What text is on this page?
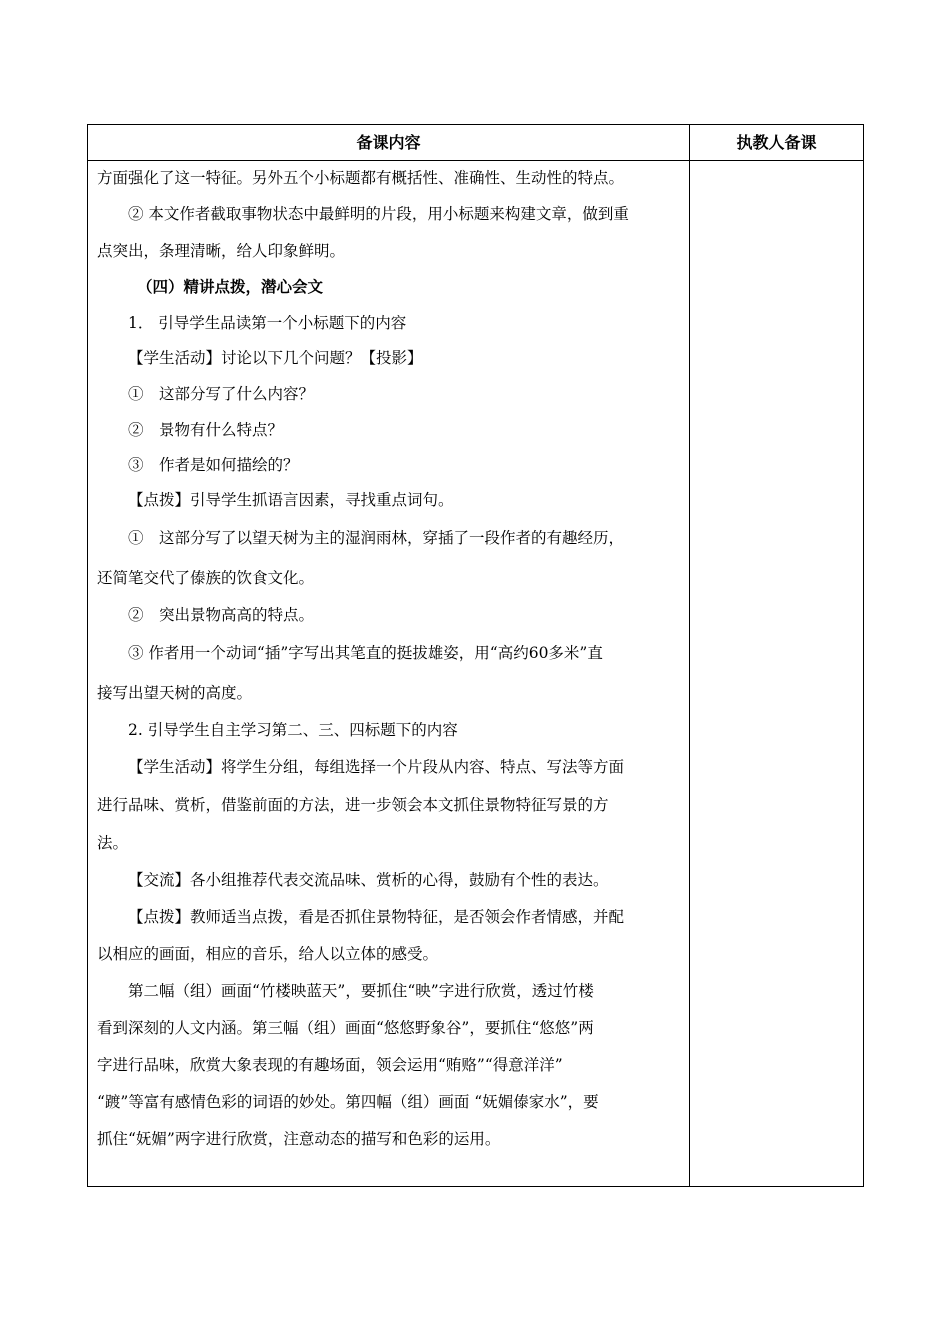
备课内容	执教人备课

方面强化了这一特征。另外五个小标题都有概括性、准确性、生动性的特点。

② 本文作者截取事物状态中最鲜明的片段，用小标题来构建文章，做到重

点突出，条理清晰，给人印象鲜明。

（四）精讲点拨，潜心会文

1． 引导学生品读第一个小标题下的内容

【学生活动】讨论以下几个问题？【投影】

①　这部分写了什么内容？

②　景物有什么特点？

③　作者是如何描绘的？

【点拨】引导学生抓语言因素，寻找重点词句。

①　这部分写了以望天树为主的湿润雨林，穿插了一段作者的有趣经历，

还简笔交代了傣族的饮食文化。

②　突出景物高高的特点。

③ 作者用一个动词“插”字写出其笔直的挺拔雄姿，用“高约60多米”直

接写出望天树的高度。

2. 引导学生自主学习第二、三、四标题下的内容

【学生活动】将学生分组，每组选择一个片段从内容、特点、写法等方面

进行品味、赏析，借鉴前面的方法，进一步领会本文抓住景物特征写景的方

法。

【交流】各小组推荐代表交流品味、赏析的心得，鼓励有个性的表达。

【点拨】教师适当点拨，看是否抓住景物特征，是否领会作者情感，并配

以相应的画面，相应的音乐，给人以立体的感受。

第二幅（组）画面“竹楼映蓝天”，要抓住“映”字进行欣赏，透过竹楼

看到深刻的人文内涵。第三幅（组）画面“悠悠野象谷”，要抓住“悠悠”两

字进行品味，欣赏大象表现的有趣场面，领会运用“贿赂”“得意洋洋”

“踱”等富有感情色彩的词语的妙处。第四幅（组）画面 “妩媚傣家水”，要

抓住“妩媚”两字进行欣赏，注意动态的描写和色彩的运用。
